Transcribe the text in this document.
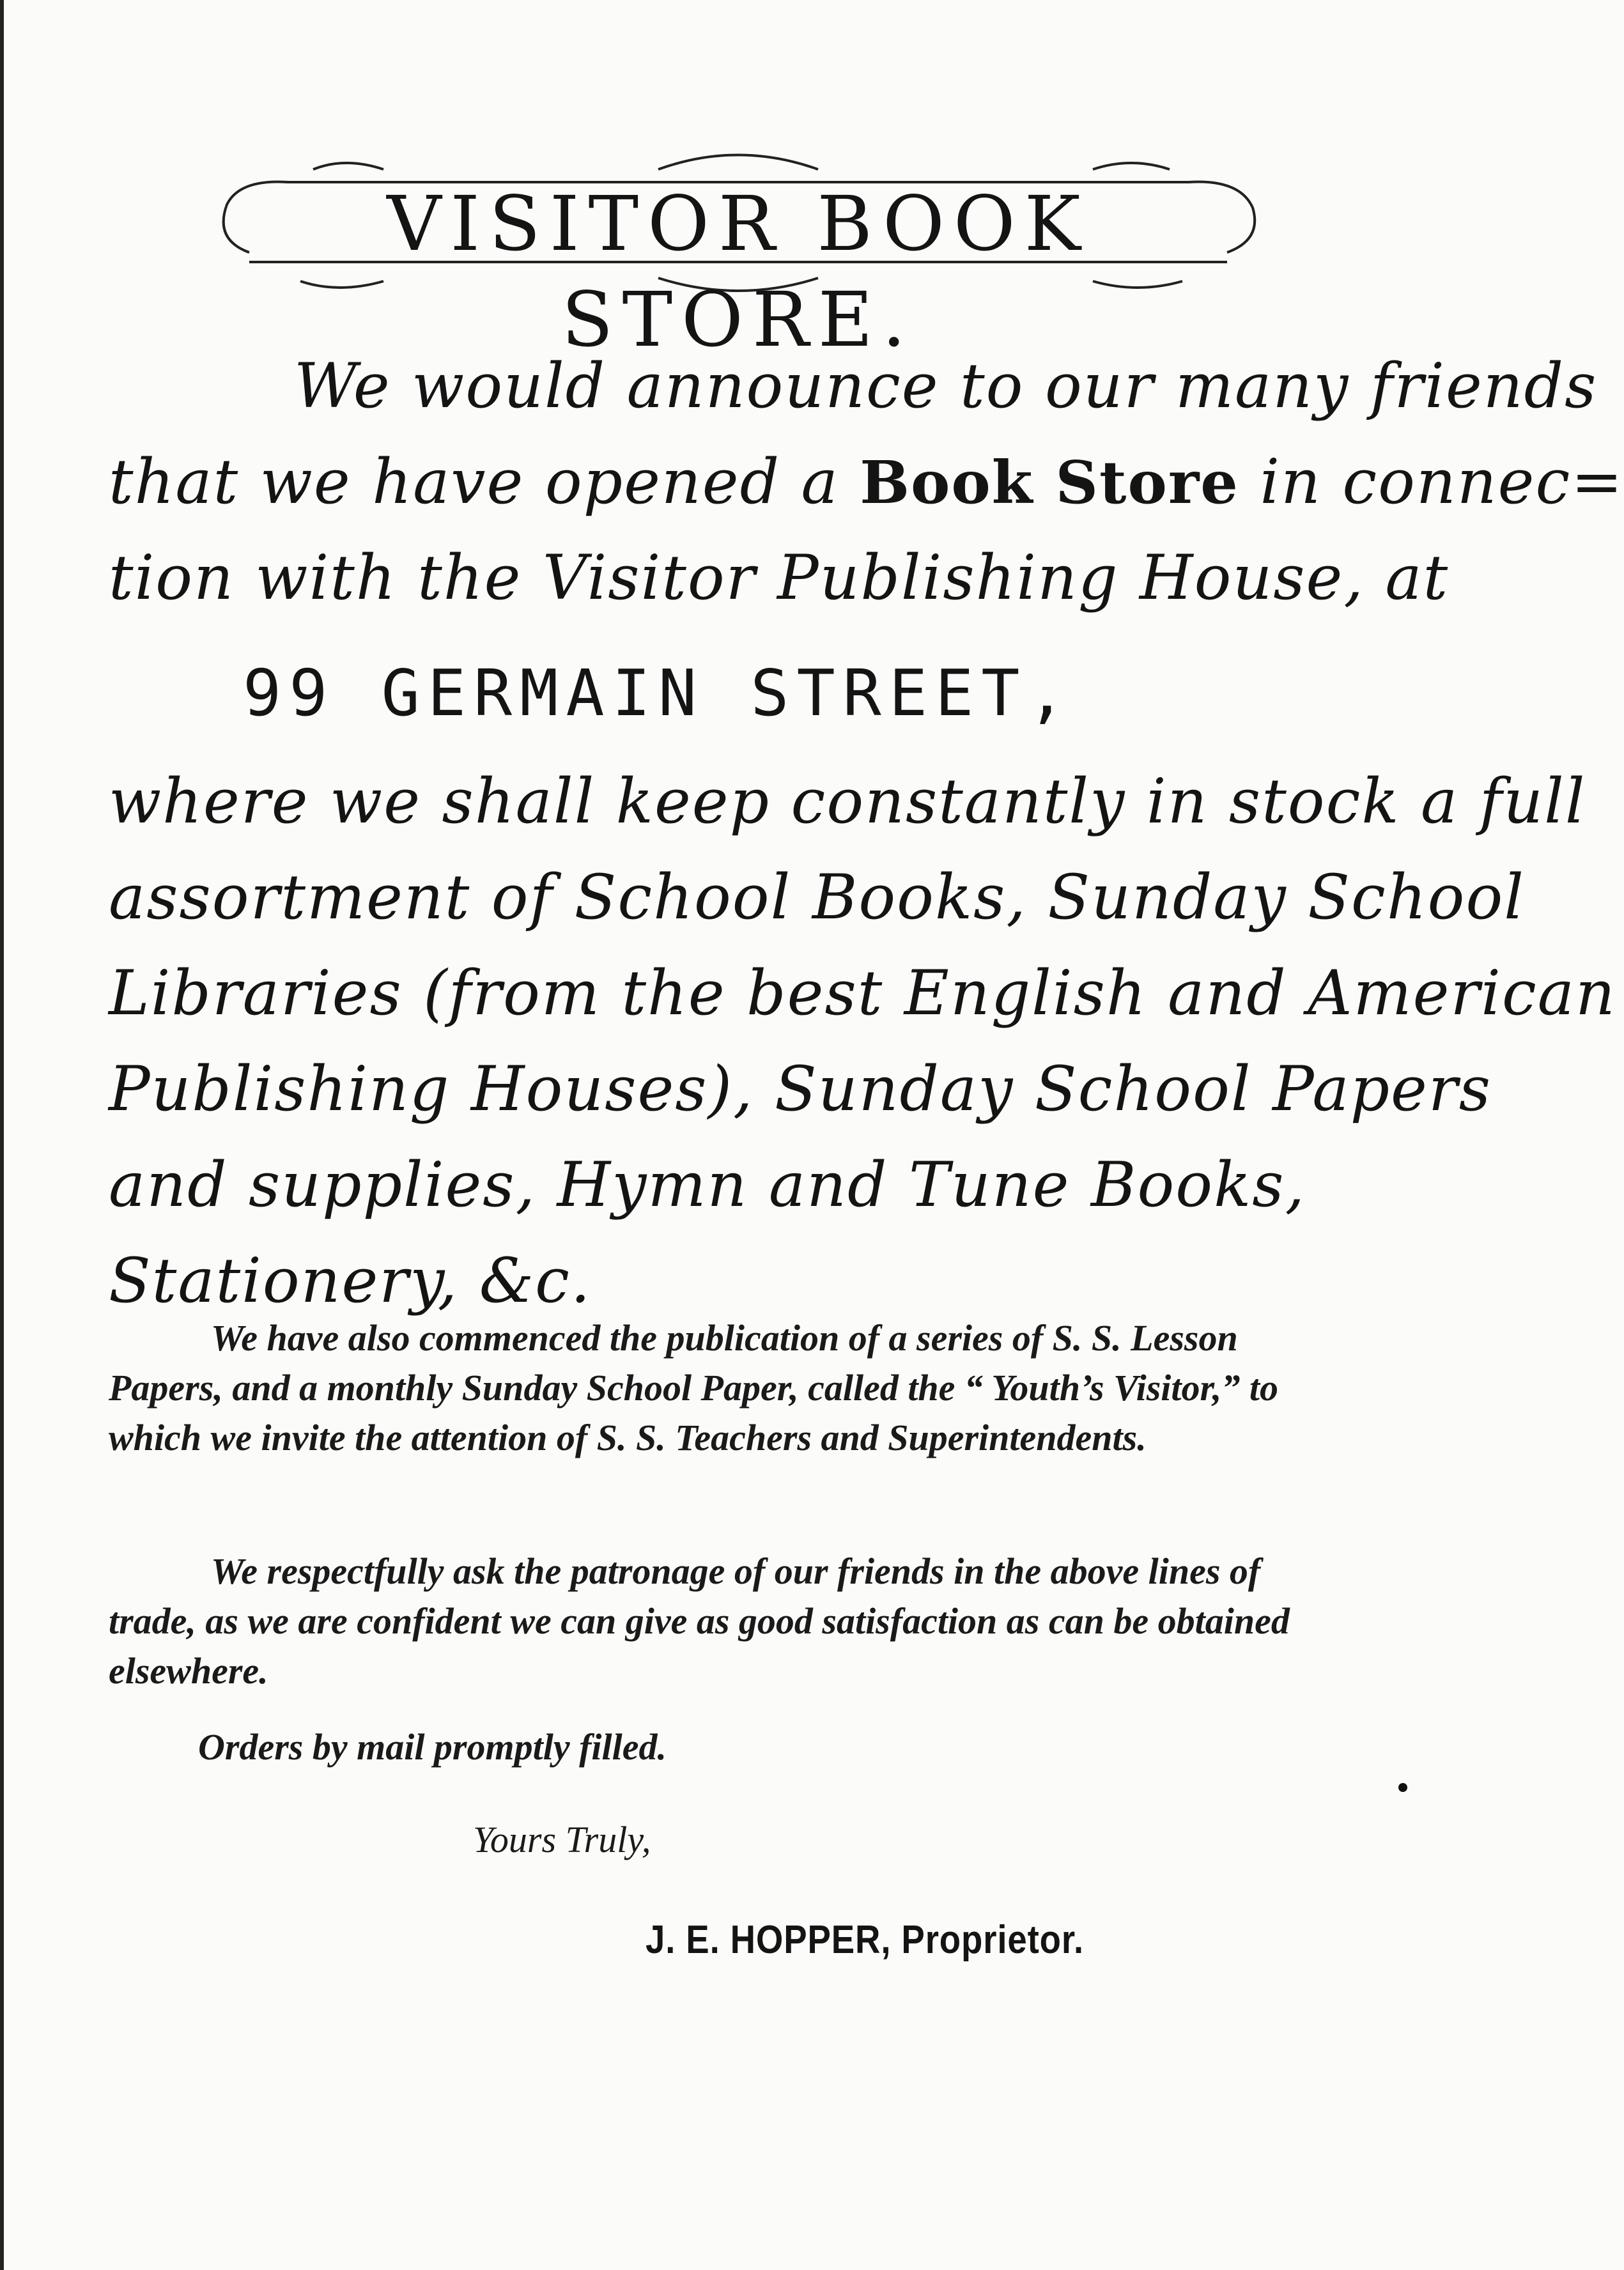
VISITOR BOOK STORE.
We would announce to our many friends
that we have opened a Book Store in connec=
tion with the Visitor Publishing House, at
99 GERMAIN STREET,
where we shall keep constantly in stock a full
assortment of School Books, Sunday School
Libraries (from the best English and American
Publishing Houses), Sunday School Papers
and supplies, Hymn and Tune Books,
Stationery, &c.
We have also commenced the publication of a series of S. S. Lesson Papers, and a monthly Sunday School Paper, called the “ Youth’s Visitor,” to which we invite the attention of S. S. Teachers and Superintendents.
We respectfully ask the patronage of our friends in the above lines of trade, as we are confident we can give as good satisfaction as can be obtained elsewhere.
Orders by mail promptly filled.
Yours Truly,
J. E. HOPPER, Proprietor.
